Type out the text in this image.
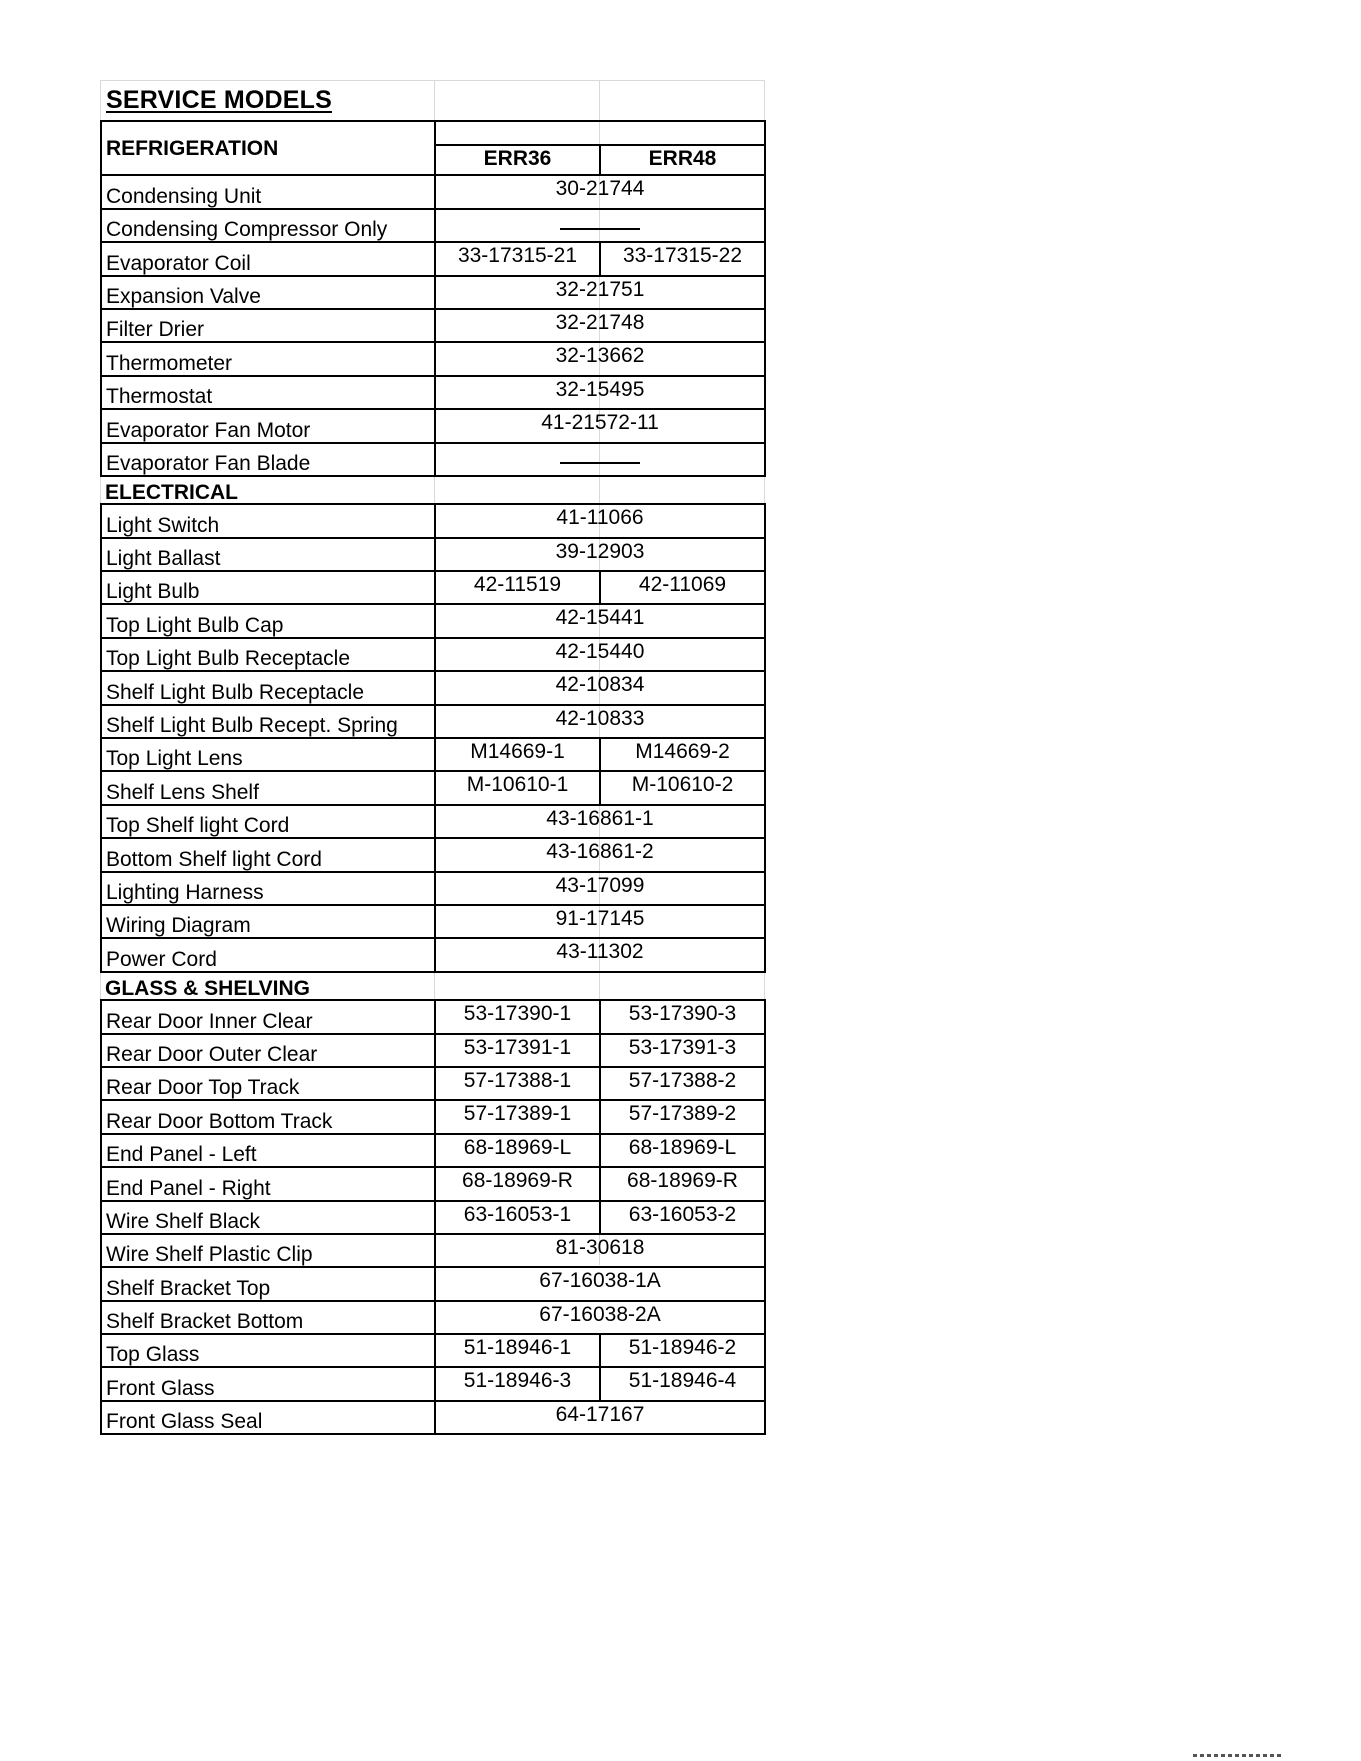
SERVICE MODELS
REFRIGERATION		
	ERR36	ERR48
Condensing Unit	30-21744	
Condensing Compressor Only		
Evaporator Coil	33-17315-21	33-17315-22
Expansion Valve	32-21751	
Filter Drier	32-21748	
Thermometer	32-13662	
Thermostat	32-15495	
Evaporator Fan Motor	41-21572-11	
Evaporator Fan Blade		
ELECTRICAL		
Light Switch	41-11066	
Light Ballast	39-12903	
Light Bulb	42-11519	42-11069
Top Light Bulb Cap	42-15441	
Top Light Bulb Receptacle	42-15440	
Shelf Light Bulb Receptacle	42-10834	
Shelf Light Bulb Recept. Spring	42-10833	
Top Light Lens	M14669-1	M14669-2
Shelf Lens Shelf	M-10610-1	M-10610-2
Top Shelf light Cord	43-16861-1	
Bottom Shelf light Cord	43-16861-2	
Lighting Harness	43-17099	
Wiring Diagram	91-17145	
Power Cord	43-11302	
GLASS & SHELVING		
Rear Door Inner Clear	53-17390-1	53-17390-3
Rear Door Outer Clear	53-17391-1	53-17391-3
Rear Door Top Track	57-17388-1	57-17388-2
Rear Door Bottom Track	57-17389-1	57-17389-2
End Panel - Left	68-18969-L	68-18969-L
End Panel - Right	68-18969-R	68-18969-R
Wire Shelf Black	63-16053-1	63-16053-2
Wire Shelf Plastic Clip	81-30618	
Shelf Bracket Top	67-16038-1A	
Shelf Bracket Bottom	67-16038-2A	
Top Glass	51-18946-1	51-18946-2
Front Glass	51-18946-3	51-18946-4
Front Glass Seal	64-17167	
